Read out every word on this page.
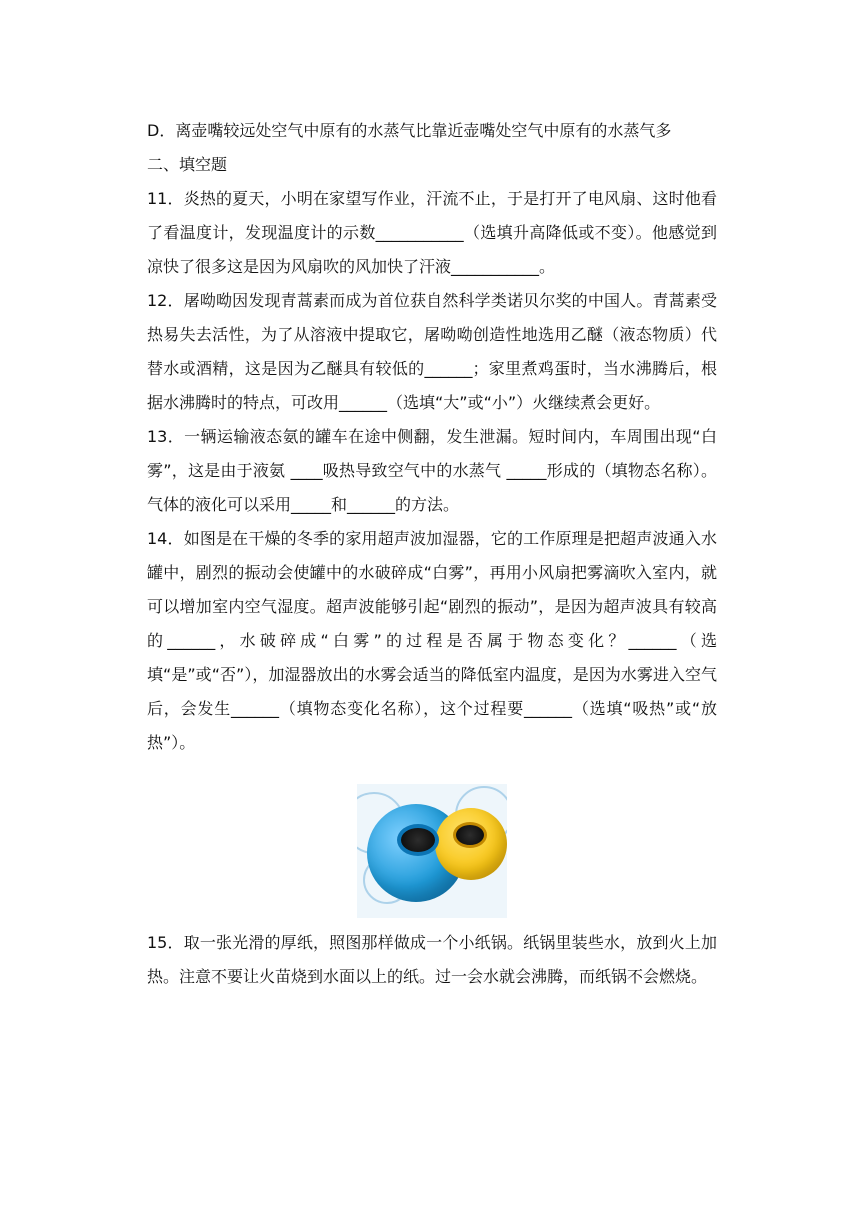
D．离壶嘴较远处空气中原有的水蒸气比靠近壶嘴处空气中原有的水蒸气多

二、填空题

11．炎热的夏天，小明在家望写作业，汗流不止，于是打开了电风扇、这时他看了看温度计，发现温度计的示数___________（选填升高降低或不变）。他感觉到凉快了很多这是因为风扇吹的风加快了汗液___________。

12．屠呦呦因发现青蒿素而成为首位获自然科学类诺贝尔奖的中国人。青蒿素受热易失去活性，为了从溶液中提取它，屠呦呦创造性地选用乙醚（液态物质）代替水或酒精，这是因为乙醚具有较低的______；家里煮鸡蛋时，当水沸腾后，根据水沸腾时的特点，可改用______（选填“大”或“小”）火继续煮会更好。

13．一辆运输液态氨的罐车在途中侧翻，发生泄漏。短时间内，车周围出现“白雾”，这是由于液氨 ____吸热导致空气中的水蒸气 _____形成的（填物态名称）。气体的液化可以采用_____和______的方法。

14．如图是在干燥的冬季的家用超声波加湿器，它的工作原理是把超声波通入水罐中，剧烈的振动会使罐中的水破碎成“白雾”，再用小风扇把雾滴吹入室内，就可以增加室内空气湿度。超声波能够引起“剧烈的振动”，是因为超声波具有较高的______，水破碎成“白雾”的过程是否属于物态变化？______（选填“是”或“否”），加湿器放出的水雾会适当的降低室内温度，是因为水雾进入空气后，会发生______（填物态变化名称），这个过程要______（选填“吸热”或“放热”）。

15．取一张光滑的厚纸，照图那样做成一个小纸锅。纸锅里装些水，放到火上加热。注意不要让火苗烧到水面以上的纸。过一会水就会沸腾，而纸锅不会燃烧。
